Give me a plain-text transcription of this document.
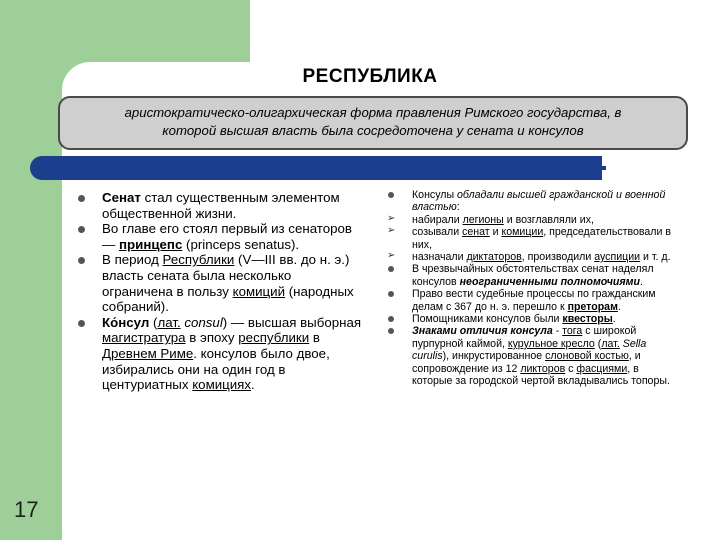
17
РЕСПУБЛИКА
аристократическо-олигархическая форма правления Римского государства, в
которой высшая власть была сосредоточена у сената и консулов
Сенат стал существенным элементом общественной жизни.
Во главе его стоял первый из сенаторов — принцепс (princeps senatus).
В период Республики (V—III вв. до н. э.) власть сената была несколько ограничена в пользу комиций (народных собраний).
Ко́нсул (лат. consul) — высшая выборная магистратура в эпоху республики в Древнем Риме. консулов было двое, избирались они на один год в центуриатных комициях.
Консулы обладали высшей гражданской и военной властью:
➢ набирали легионы и возглавляли их,
➢ созывали сенат и комиции, председательствовали в них,
➢ назначали диктаторов, производили ауспиции и т. д.
В чрезвычайных обстоятельствах сенат наделял консулов неограниченными полномочиями.
Право вести судебные процессы по гражданским делам с 367 до н. э. перешло к преторам.
Помощниками консулов были квесторы.
Знаками отличия консула - тога с широкой пурпурной каймой, курульное кресло (лат. Sella curulis), инкрустированное слоновой костью, и сопровождение из 12 ликторов с фасциями, в которые за городской чертой вкладывались топоры.
